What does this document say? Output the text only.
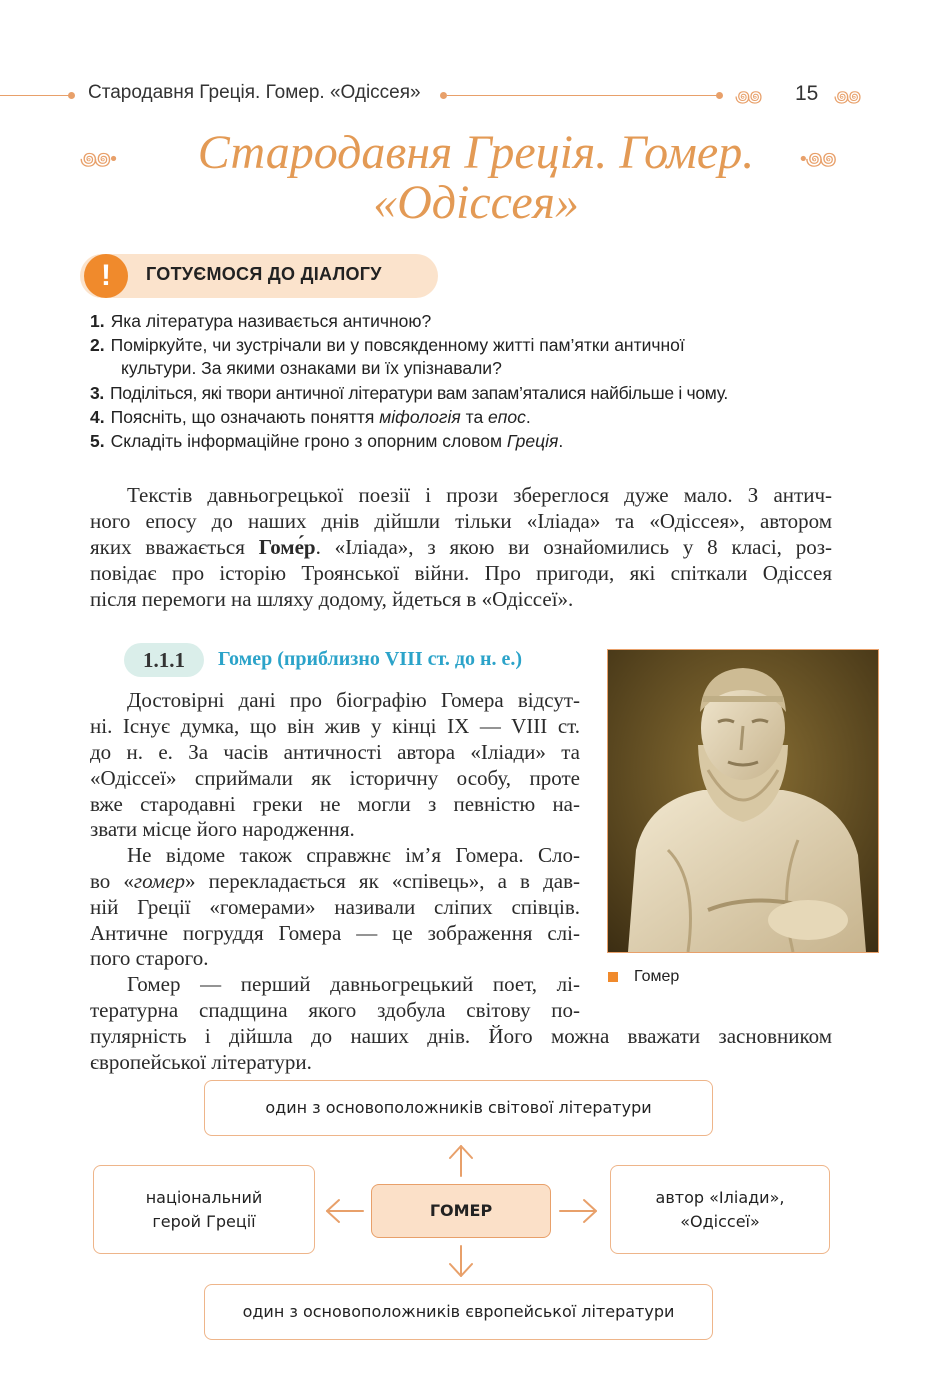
Стародавня Греція. Гомер. «Одіссея»	꩜꩜ 15 ꩜꩜
꩜꩜•	•꩜꩜
Стародавня Греція. Гомер.
«Одіссея»
!	ГОТУЄМОСЯ ДО ДІАЛОГУ
1. Яка література називається античною?
2. Поміркуйте, чи зустрічали ви у повсякденному житті пам’ятки античної
культури. За якими ознаками ви їх упізнавали?
3. Поділіться, які твори античної літератури вам запам’яталися найбільше і чому.
4. Поясніть, що означають поняття міфологія та епос.
5. Складіть інформаційне гроно з опорним словом Греція.
Текстів давньогрецької поезії і прози збереглося дуже мало. З антич-
ного епосу до наших днів дійшли тільки «Іліада» та «Одіссея», автором
яких вважається Гоме́р. «Іліада», з якою ви ознайомились у 8 класі, роз-
повідає про історію Троянської війни. Про пригоди, які спіткали Одіссея
після перемоги на шляху додому, йдеться в «Одіссеї».
1.1.1 Гомер (приблизно VIII ст. до н. е.)
Достовірні дані про біографію Гомера відсут-
ні. Існує думка, що він жив у кінці IX — VIII ст.
до н. е. За часів античності автора «Іліади» та
«Одіссеї» сприймали як історичну особу, проте
вже стародавні греки не могли з певністю на-
звати місце його народження.
Не відоме також справжнє ім’я Гомера. Сло-
во «гомер» перекладається як «співець», а в дав-
ній Греції «гомерами» називали сліпих співців.
Античне погруддя Гомера — це зображення слі-
пого старого.
Гомер — перший давньогрецький поет, лі-
тературна спадщина якого здобула світову по-
пулярність і дійшла до наших днів. Його можна вважати засновником
європейської літератури.
Гомер
один з основоположників світової літератури
національний
герой Греції
ГОМЕР
автор «Іліади»,
«Одіссеї»
один з основоположників європейської літератури
